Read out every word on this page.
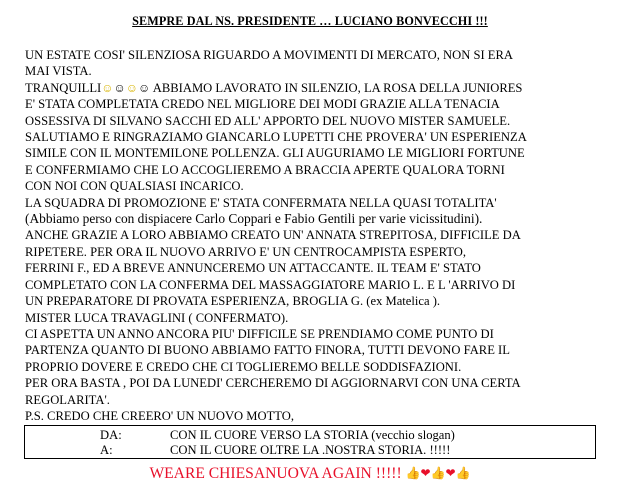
SEMPRE DAL NS. PRESIDENTE … LUCIANO BONVECCHI !!!
UN ESTATE COSI' SILENZIOSA RIGUARDO A MOVIMENTI DI MERCATO, NON SI ERA
MAI VISTA.
TRANQUILLI☺☺☺☺ ABBIAMO LAVORATO IN SILENZIO, LA ROSA DELLA JUNIORES
E' STATA COMPLETATA CREDO NEL MIGLIORE DEI MODI GRAZIE ALLA TENACIA
OSSESSIVA DI SILVANO SACCHI ED ALL' APPORTO DEL NUOVO MISTER SAMUELE.
SALUTIAMO E RINGRAZIAMO GIANCARLO LUPETTI CHE PROVERA' UN ESPERIENZA
SIMILE CON IL MONTEMILONE POLLENZA. GLI AUGURIAMO LE MIGLIORI FORTUNE
E CONFERMIAMO CHE LO ACCOGLIEREMO A BRACCIA APERTE QUALORA TORNI
CON NOI CON QUALSIASI INCARICO.
LA SQUADRA DI PROMOZIONE E' STATA CONFERMATA NELLA QUASI TOTALITA'
(Abbiamo perso con dispiacere Carlo Coppari e Fabio Gentili per varie vicissitudini).
ANCHE GRAZIE A LORO ABBIAMO CREATO UN' ANNATA STREPITOSA, DIFFICILE DA
RIPETERE. PER ORA IL NUOVO ARRIVO E' UN CENTROCAMPISTA ESPERTO,
FERRINI F., ED A BREVE ANNUNCEREMO UN ATTACCANTE. IL TEAM E' STATO
COMPLETATO CON LA CONFERMA DEL MASSAGGIATORE MARIO L. E L 'ARRIVO DI
UN PREPARATORE DI PROVATA ESPERIENZA, BROGLIA G. (ex Matelica ).
MISTER LUCA TRAVAGLINI ( CONFERMATO).
CI ASPETTA UN ANNO ANCORA PIU' DIFFICILE SE PRENDIAMO COME PUNTO DI
PARTENZA QUANTO DI BUONO ABBIAMO FATTO FINORA, TUTTI DEVONO FARE IL
PROPRIO DOVERE E CREDO CHE CI TOGLIEREMO BELLE SODDISFAZIONI.
PER ORA BASTA , POI DA LUNEDI' CERCHEREMO DI AGGIORNARVI CON UNA CERTA
REGOLARITA'.
P.S. CREDO CHE CREERO' UN NUOVO MOTTO,
DA:	CON IL CUORE VERSO LA STORIA (vecchio slogan)
A:	CON IL CUORE OLTRE LA .NOSTRA STORIA. !!!!!
WEARE CHIESANUOVA AGAIN !!!!! 👍❤👍❤👍
